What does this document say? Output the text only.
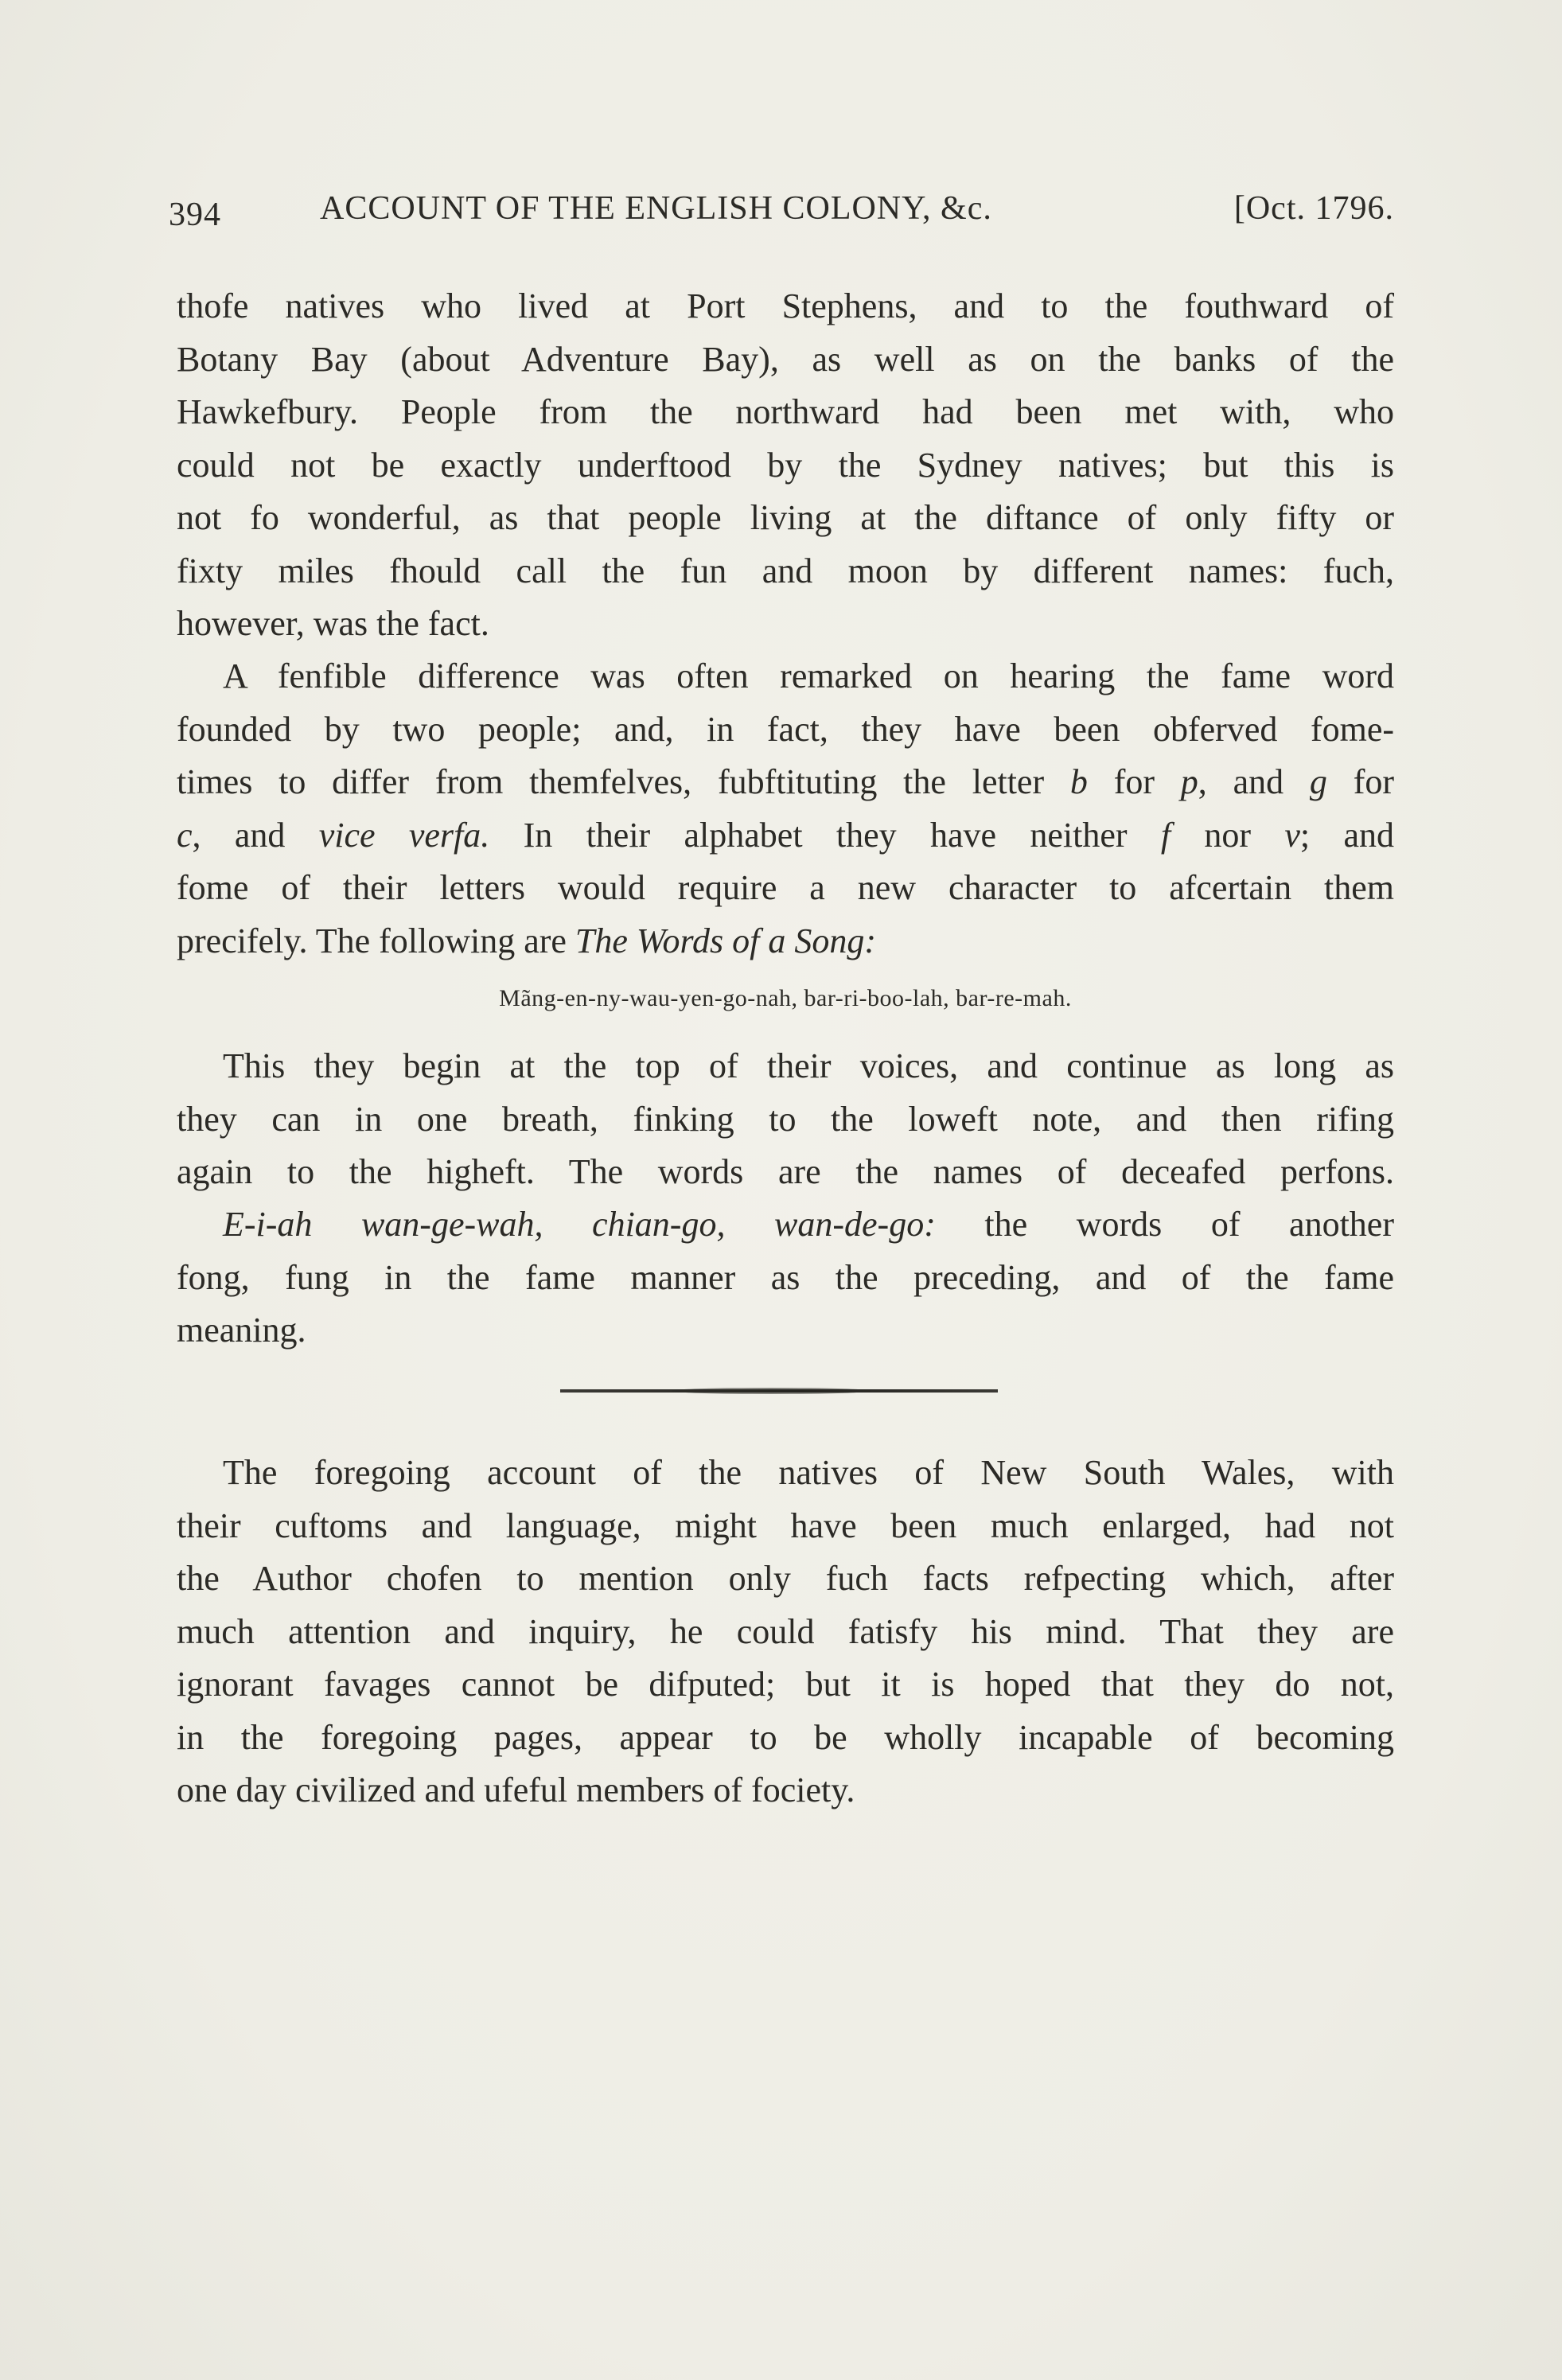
394	ACCOUNT OF THE ENGLISH COLONY, &c.	[Oct. 1796.
thofe natives who lived at Port Stephens, and to the fouthward of
Botany Bay (about Adventure Bay), as well as on the banks of the
Hawkefbury. People from the northward had been met with, who
could not be exactly underftood by the Sydney natives; but this is
not fo wonderful, as that people living at the diftance of only fifty or
fixty miles fhould call the fun and moon by different names: fuch,
however, was the fact.
A fenfible difference was often remarked on hearing the fame word
founded by two people; and, in fact, they have been obferved fome-
times to differ from themfelves, fubftituting the letter b for p, and g for
c, and vice verfa. In their alphabet they have neither f nor v; and
fome of their letters would require a new character to afcertain them
precifely. The following are The Words of a Song:
Mãng-en-ny-wau-yen-go-nah, bar-ri-boo-lah, bar-re-mah.
This they begin at the top of their voices, and continue as long as
they can in one breath, finking to the loweft note, and then rifing
again to the higheft. The words are the names of deceafed perfons.
E-i-ah wan-ge-wah, chian-go, wan-de-go: the words of another
fong, fung in the fame manner as the preceding, and of the fame
meaning.
The foregoing account of the natives of New South Wales, with
their cuftoms and language, might have been much enlarged, had not
the Author chofen to mention only fuch facts refpecting which, after
much attention and inquiry, he could fatisfy his mind. That they are
ignorant favages cannot be difputed; but it is hoped that they do not,
in the foregoing pages, appear to be wholly incapable of becoming
one day civilized and ufeful members of fociety.
